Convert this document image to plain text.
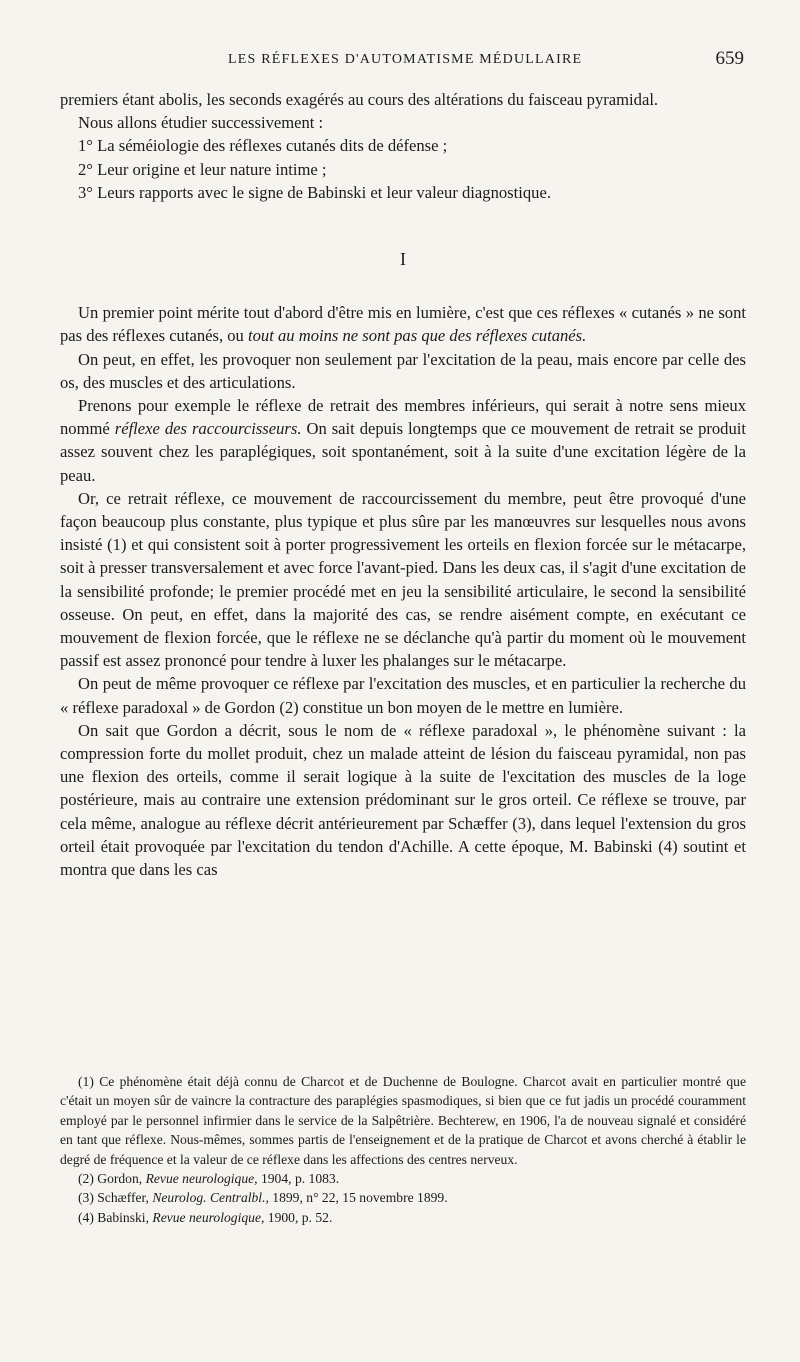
LES RÉFLEXES D'AUTOMATISME MÉDULLAIRE	659

premiers étant abolis, les seconds exagérés au cours des altérations du faisceau pyramidal.

Nous allons étudier successivement :

1° La séméiologie des réflexes cutanés dits de défense ;

2° Leur origine et leur nature intime ;

3° Leurs rapports avec le signe de Babinski et leur valeur diagnostique.

I

Un premier point mérite tout d'abord d'être mis en lumière, c'est que ces réflexes « cutanés » ne sont pas des réflexes cutanés, ou tout au moins ne sont pas que des réflexes cutanés.

On peut, en effet, les provoquer non seulement par l'excitation de la peau, mais encore par celle des os, des muscles et des articulations.

Prenons pour exemple le réflexe de retrait des membres inférieurs, qui serait à notre sens mieux nommé réflexe des raccourcisseurs. On sait depuis longtemps que ce mouvement de retrait se produit assez souvent chez les paraplégiques, soit spontanément, soit à la suite d'une excitation légère de la peau.

Or, ce retrait réflexe, ce mouvement de raccourcissement du membre, peut être provoqué d'une façon beaucoup plus constante, plus typique et plus sûre par les manœuvres sur lesquelles nous avons insisté (1) et qui consistent soit à porter progressivement les orteils en flexion forcée sur le métacarpe, soit à presser transversalement et avec force l'avant-pied. Dans les deux cas, il s'agit d'une excitation de la sensibilité profonde; le premier procédé met en jeu la sensibilité articulaire, le second la sensibilité osseuse. On peut, en effet, dans la majorité des cas, se rendre aisément compte, en exécutant ce mouvement de flexion forcée, que le réflexe ne se déclanche qu'à partir du moment où le mouvement passif est assez prononcé pour tendre à luxer les phalanges sur le métacarpe.

On peut de même provoquer ce réflexe par l'excitation des muscles, et en particulier la recherche du « réflexe paradoxal » de Gordon (2) constitue un bon moyen de le mettre en lumière.

On sait que Gordon a décrit, sous le nom de « réflexe paradoxal », le phénomène suivant : la compression forte du mollet produit, chez un malade atteint de lésion du faisceau pyramidal, non pas une flexion des orteils, comme il serait logique à la suite de l'excitation des muscles de la loge postérieure, mais au contraire une extension prédominant sur le gros orteil. Ce réflexe se trouve, par cela même, analogue au réflexe décrit antérieurement par Schæffer (3), dans lequel l'extension du gros orteil était provoquée par l'excitation du tendon d'Achille. A cette époque, M. Babinski (4) soutint et montra que dans les cas

(1) Ce phénomène était déjà connu de Charcot et de Duchenne de Boulogne. Charcot avait en particulier montré que c'était un moyen sûr de vaincre la contracture des paraplégies spasmodiques, si bien que ce fut jadis un procédé couramment employé par le personnel infirmier dans le service de la Salpêtrière. Bechterew, en 1906, l'a de nouveau signalé et considéré en tant que réflexe. Nous-mêmes, sommes partis de l'enseignement et de la pratique de Charcot et avons cherché à établir le degré de fréquence et la valeur de ce réflexe dans les affections des centres nerveux.

(2) Gordon, Revue neurologique, 1904, p. 1083.

(3) Schæffer, Neurolog. Centralbl., 1899, n° 22, 15 novembre 1899.

(4) Babinski, Revue neurologique, 1900, p. 52.
